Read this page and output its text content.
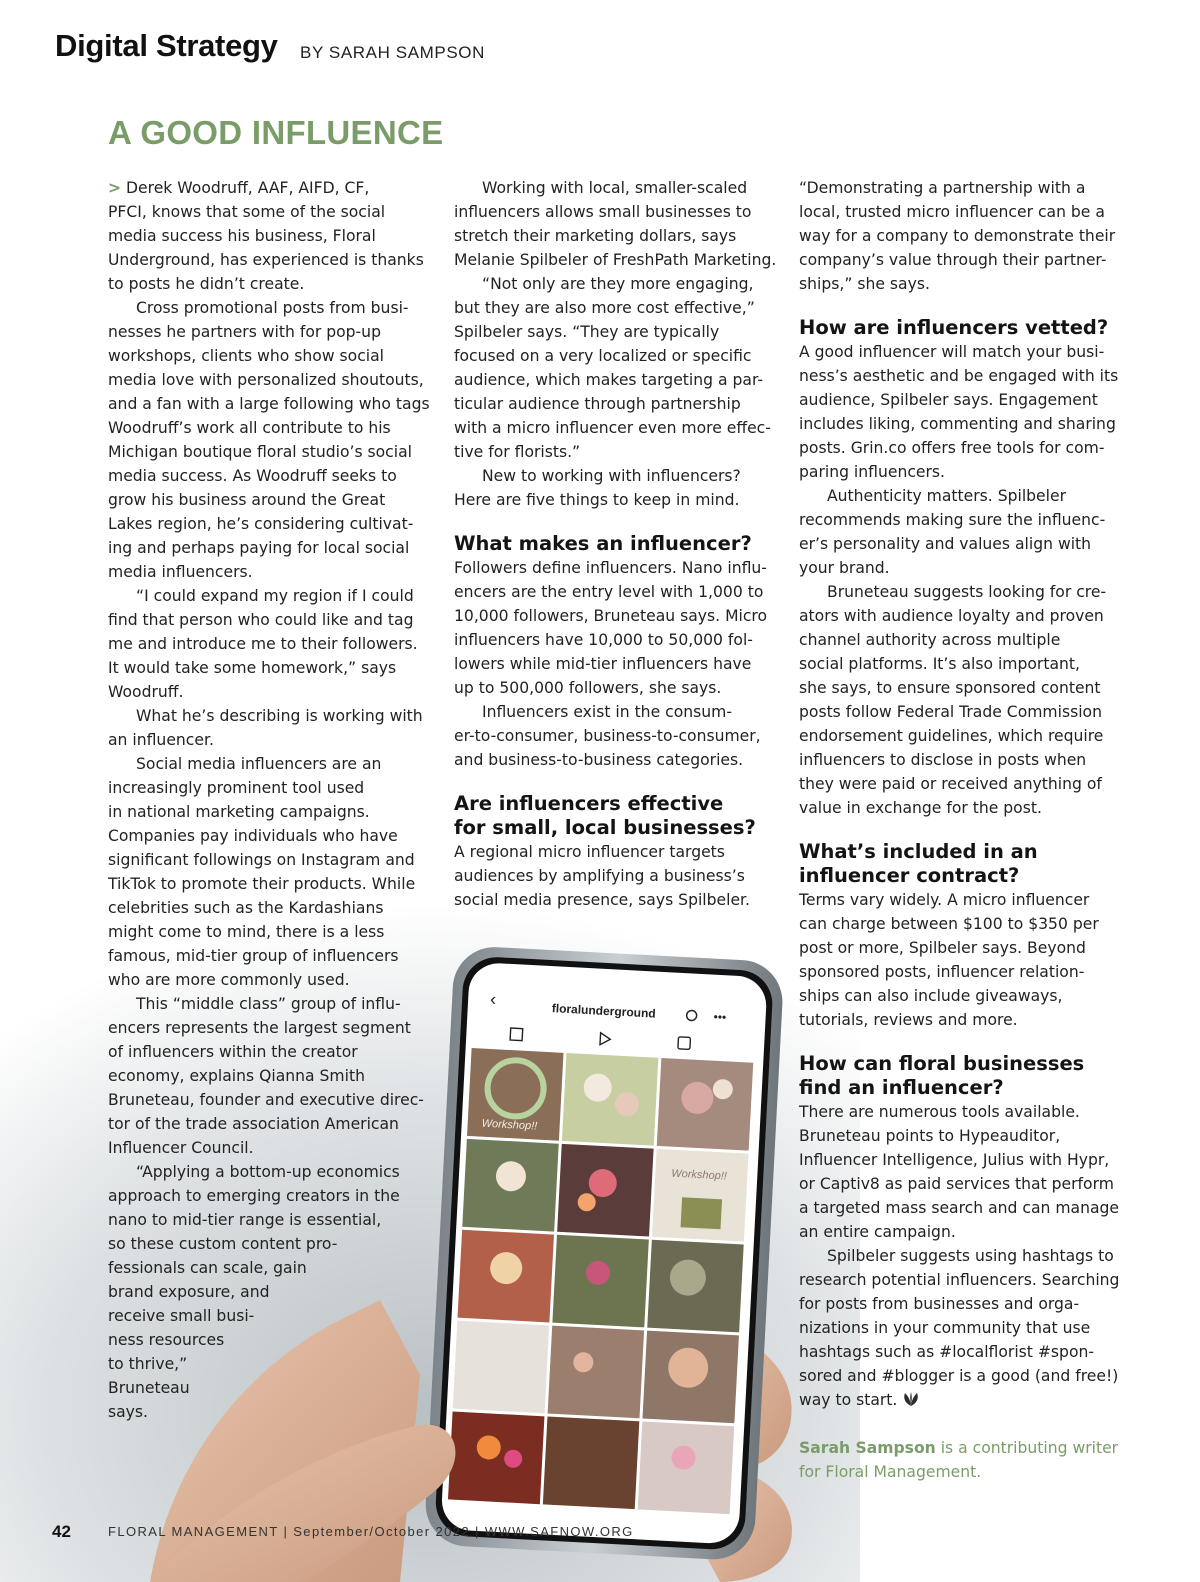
Digital Strategy BY SARAH SAMPSON
A GOOD INFLUENCE
‹
floralunderground	•••
Workshop!!
Workshop!!

> Derek Woodruff, AAF, AIFD, CF,
PFCI, knows that some of the social
media success his business, Floral
Underground, has experienced is thanks
to posts he didn’t create.

Cross promotional posts from busi-
nesses he partners with for pop-up
workshops, clients who show social
media love with personalized shoutouts,
and a fan with a large following who tags
Woodruff’s work all contribute to his
Michigan boutique floral studio’s social
media success. As Woodruff seeks to
grow his business around the Great
Lakes region, he’s considering cultivat-
ing and perhaps paying for local social
media influencers.

“I could expand my region if I could
find that person who could like and tag
me and introduce me to their followers.
It would take some homework,” says
Woodruff.

What he’s describing is working with
an influencer.

Social media influencers are an
increasingly prominent tool used
in national marketing campaigns.
Companies pay individuals who have
significant followings on Instagram and
TikTok to promote their products. While
celebrities such as the Kardashians
might come to mind, there is a less
famous, mid-tier group of influencers
who are more commonly used.

This “middle class” group of influ-
encers represents the largest segment
of influencers within the creator
economy, explains Qianna Smith
Bruneteau, founder and executive direc-
tor of the trade association American
Influencer Council.

“Applying a bottom-up economics
approach to emerging creators in the
nano to mid-tier range is essential,
so these custom content pro-
fessionals can scale, gain
brand exposure, and
receive small busi-
ness resources
to thrive,”
Bruneteau
says.

Working with local, smaller-scaled
influencers allows small businesses to
stretch their marketing dollars, says
Melanie Spilbeler of FreshPath Marketing.

“Not only are they more engaging,
but they are also more cost effective,”
Spilbeler says. “They are typically
focused on a very localized or specific
audience, which makes targeting a par-
ticular audience through partnership
with a micro influencer even more effec-
tive for florists.”

New to working with influencers?
Here are five things to keep in mind.

What makes an influencer?

Followers define influencers. Nano influ-
encers are the entry level with 1,000 to
10,000 followers, Bruneteau says. Micro
influencers have 10,000 to 50,000 fol-
lowers while mid-tier influencers have
up to 500,000 followers, she says.

Influencers exist in the consum-
er-to-consumer, business-to-consumer,
and business-to-business categories.

Are influencers effective
for small, local businesses?

A regional micro influencer targets
audiences by amplifying a business’s
social media presence, says Spilbeler.

“Demonstrating a partnership with a
local, trusted micro influencer can be a
way for a company to demonstrate their
company’s value through their partner-
ships,” she says.

How are influencers vetted?

A good influencer will match your busi-
ness’s aesthetic and be engaged with its
audience, Spilbeler says. Engagement
includes liking, commenting and sharing
posts. Grin.co offers free tools for com-
paring influencers.

Authenticity matters. Spilbeler
recommends making sure the influenc-
er’s personality and values align with
your brand.

Bruneteau suggests looking for cre-
ators with audience loyalty and proven
channel authority across multiple
social platforms. It’s also important,
she says, to ensure sponsored content
posts follow Federal Trade Commission
endorsement guidelines, which require
influencers to disclose in posts when
they were paid or received anything of
value in exchange for the post.

What’s included in an
influencer contract?

Terms vary widely. A micro influencer
can charge between $100 to $350 per
post or more, Spilbeler says. Beyond
sponsored posts, influencer relation-
ships can also include giveaways,
tutorials, reviews and more.

How can floral businesses
find an influencer?

There are numerous tools available.
Bruneteau points to Hypeauditor,
Influencer Intelligence, Julius with Hypr,
or Captiv8 as paid services that perform
a targeted mass search and can manage
an entire campaign.

Spilbeler suggests using hashtags to
research potential influencers. Searching
for posts from businesses and orga-
nizations in your community that use
hashtags such as #localflorist #spon-
sored and #blogger is a good (and free!)
way to start.

Sarah Sampson is a contributing writer
for Floral Management.

42	FLORAL MANAGEMENT | September/October 2022 | WWW.SAFNOW.ORG
